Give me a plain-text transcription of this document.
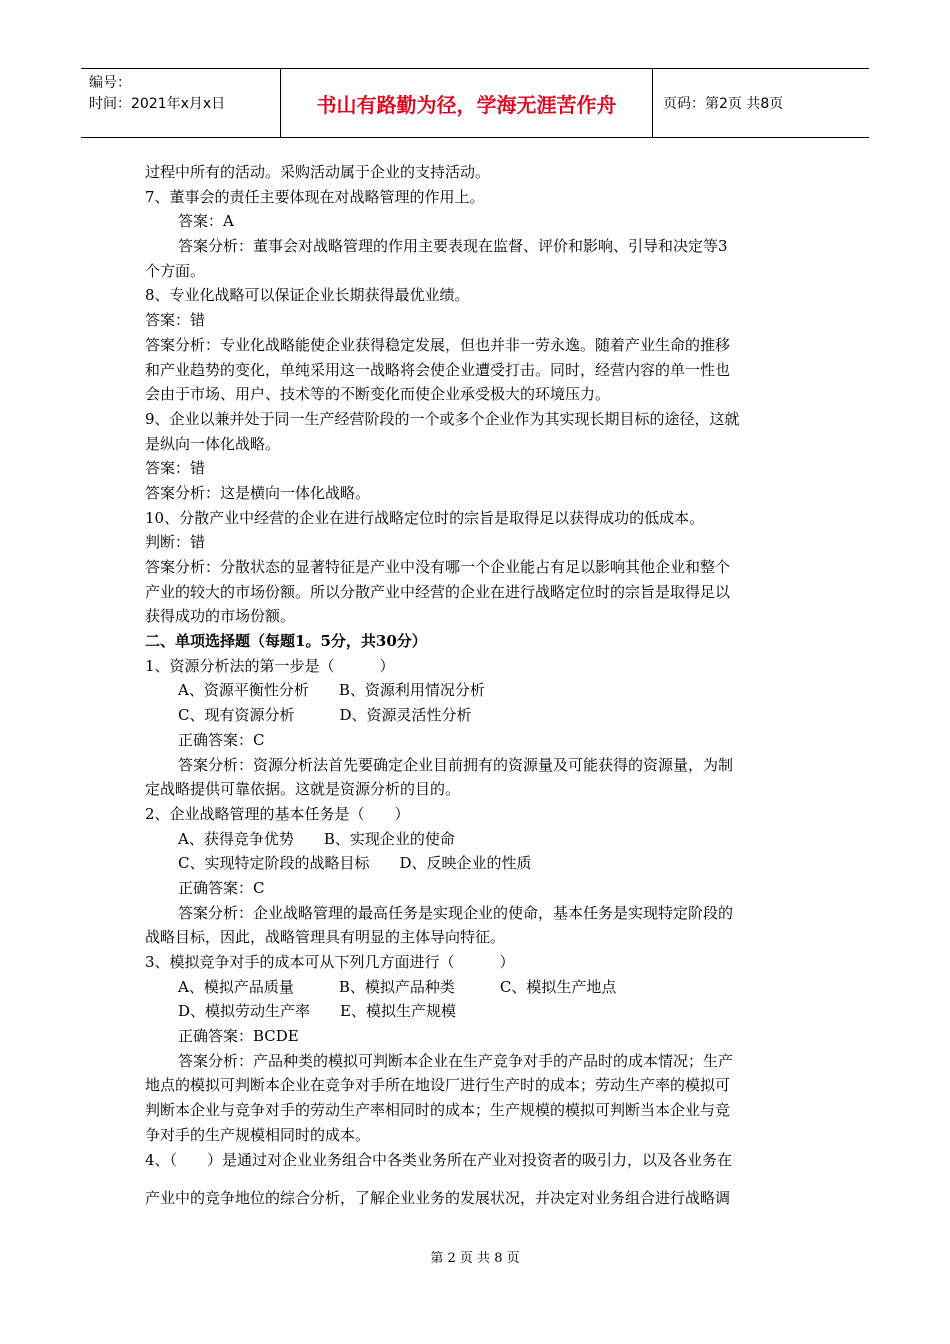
编号：
时间：2021年x月x日	书山有路勤为径，学海无涯苦作舟	页码：第2页 共8页
过程中所有的活动。采购活动属于企业的支持活动。
7、董事会的责任主要体现在对战略管理的作用上。
答案：A
答案分析：董事会对战略管理的作用主要表现在监督、评价和影响、引导和决定等3
个方面。
8、专业化战略可以保证企业长期获得最优业绩。
答案：错
答案分析：专业化战略能使企业获得稳定发展，但也并非一劳永逸。随着产业生命的推移
和产业趋势的变化，单纯采用这一战略将会使企业遭受打击。同时，经营内容的单一性也
会由于市场、用户、技术等的不断变化而使企业承受极大的环境压力。
9、企业以兼并处于同一生产经营阶段的一个或多个企业作为其实现长期目标的途径，这就
是纵向一体化战略。
答案：错
答案分析：这是横向一体化战略。
10、分散产业中经营的企业在进行战略定位时的宗旨是取得足以获得成功的低成本。
判断：错
答案分析：分散状态的显著特征是产业中没有哪一个企业能占有足以影响其他企业和整个
产业的较大的市场份额。所以分散产业中经营的企业在进行战略定位时的宗旨是取得足以
获得成功的市场份额。
二、单项选择题（每题1。5分，共30分）
1、资源分析法的第一步是（　　　）
A、资源平衡性分析　　B、资源利用情况分析
C、现有资源分析　　　D、资源灵活性分析
正确答案：C
答案分析：资源分析法首先要确定企业目前拥有的资源量及可能获得的资源量，为制
定战略提供可靠依据。这就是资源分析的目的。
2、企业战略管理的基本任务是（　　）
A、获得竞争优势　　B、实现企业的使命
C、实现特定阶段的战略目标　　D、反映企业的性质
正确答案：C
答案分析：企业战略管理的最高任务是实现企业的使命，基本任务是实现特定阶段的
战略目标，因此，战略管理具有明显的主体导向特征。
3、模拟竞争对手的成本可从下列几方面进行（　　　）
A、模拟产品质量　　　B、模拟产品种类　　　C、模拟生产地点
D、模拟劳动生产率　　E、模拟生产规模
正确答案：BCDE
答案分析：产品种类的模拟可判断本企业在生产竞争对手的产品时的成本情况；生产
地点的模拟可判断本企业在竞争对手所在地设厂进行生产时的成本；劳动生产率的模拟可
判断本企业与竞争对手的劳动生产率相同时的成本；生产规模的模拟可判断当本企业与竞
争对手的生产规模相同时的成本。
4、（　　）是通过对企业业务组合中各类业务所在产业对投资者的吸引力，以及各业务在
产业中的竞争地位的综合分析，了解企业业务的发展状况，并决定对业务组合进行战略调
第 2 页 共 8 页
